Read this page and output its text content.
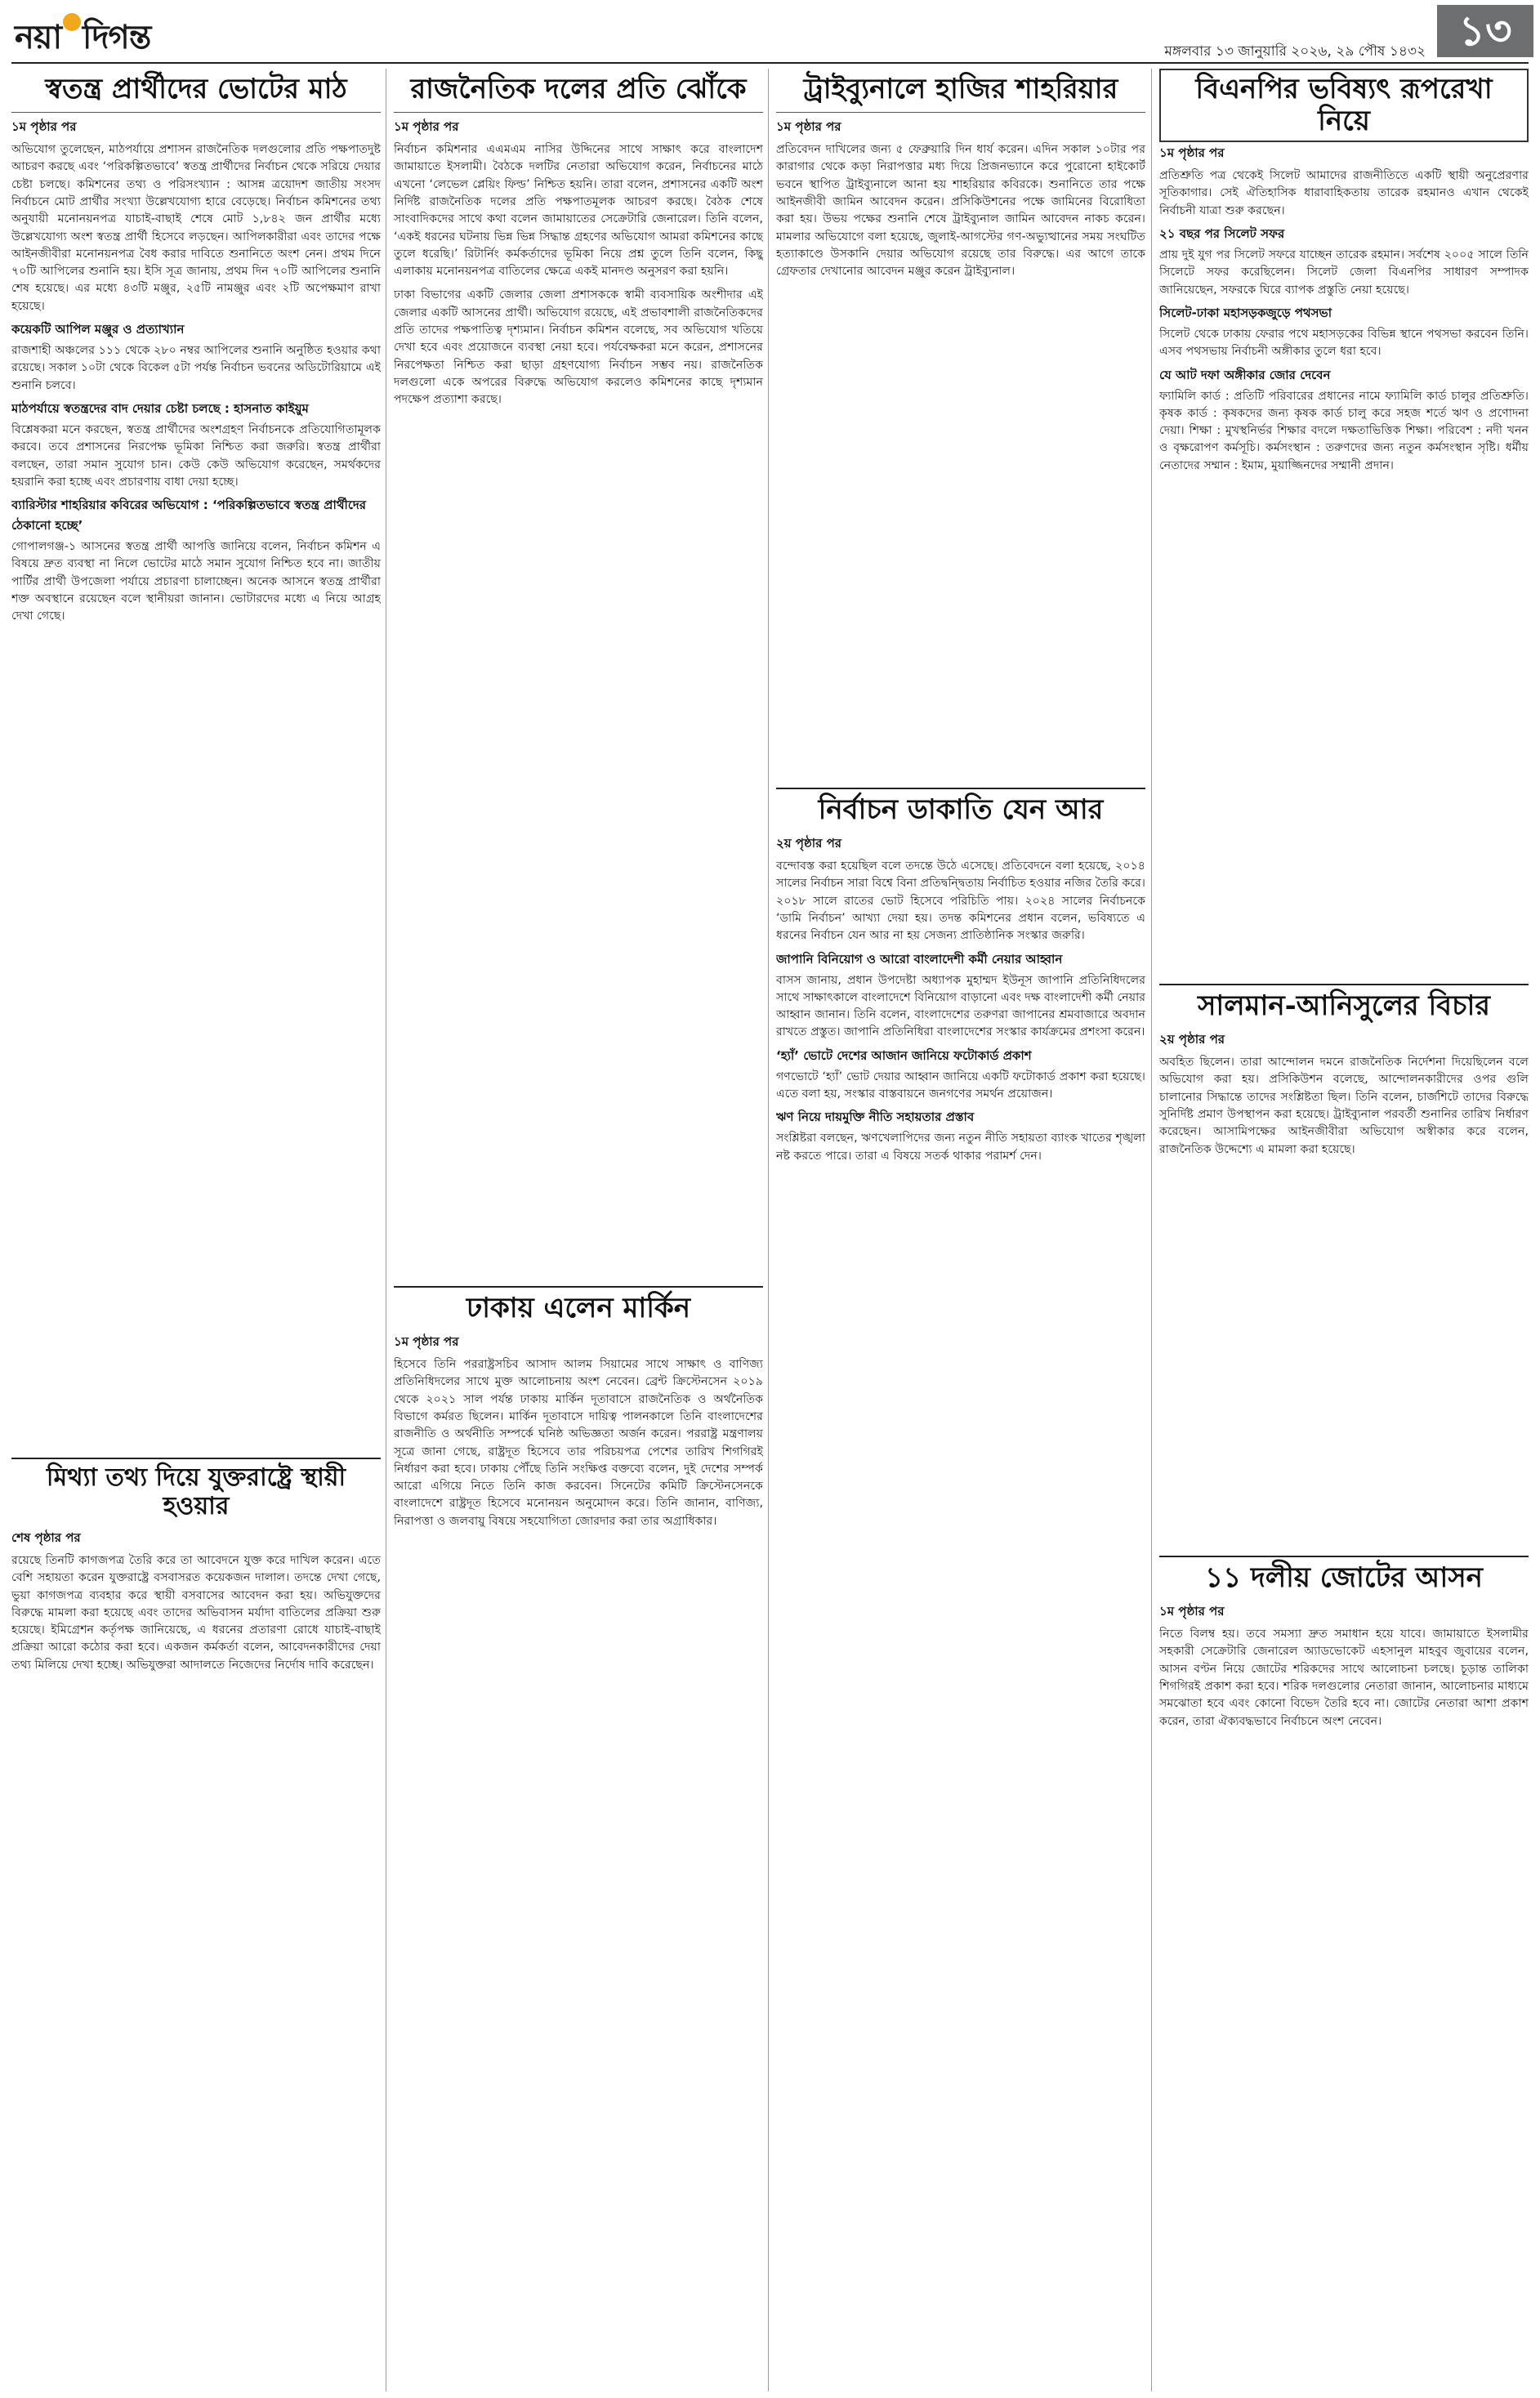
নয়া দিগন্ত	মঙ্গলবার ১৩ জানুয়ারি ২০২৬, ২৯ পৌষ ১৪৩২ ১৩
স্বতন্ত্র প্রার্থীদের ভোটের মাঠ

১ম পৃষ্ঠার পর

অভিযোগ তুলেছেন, মাঠপর্যায়ে প্রশাসন রাজনৈতিক দলগুলোর প্রতি পক্ষপাতদুষ্ট আচরণ করছে এবং ‘পরিকল্পিতভাবে’ স্বতন্ত্র প্রার্থীদের নির্বাচন থেকে সরিয়ে দেয়ার চেষ্টা চলছে। কমিশনের তথ্য ও পরিসংখ্যান : আসন্ন ত্রয়োদশ জাতীয় সংসদ নির্বাচনে মোট প্রার্থীর সংখ্যা উল্লেখযোগ্য হারে বেড়েছে। নির্বাচন কমিশনের তথ্য অনুযায়ী মনোনয়নপত্র যাচাই-বাছাই শেষে মোট ১,৮৪২ জন প্রার্থীর মধ্যে উল্লেখযোগ্য অংশ স্বতন্ত্র প্রার্থী হিসেবে লড়ছেন। আপিলকারীরা এবং তাদের পক্ষে আইনজীবীরা মনোনয়নপত্র বৈধ করার দাবিতে শুনানিতে অংশ নেন। প্রথম দিনে ৭০টি আপিলের শুনানি হয়। ইসি সূত্র জানায়, প্রথম দিন ৭০টি আপিলের শুনানি শেষ হয়েছে। এর মধ্যে ৪৩টি মঞ্জুর, ২৫টি নামঞ্জুর এবং ২টি অপেক্ষমাণ রাখা হয়েছে।

কয়েকটি আপিল মঞ্জুর ও প্রত্যাখ্যান

রাজশাহী অঞ্চলের ১১১ থেকে ২৮০ নম্বর আপিলের শুনানি অনুষ্ঠিত হওয়ার কথা রয়েছে। সকাল ১০টা থেকে বিকেল ৫টা পর্যন্ত নির্বাচন ভবনের অডিটোরিয়ামে এই শুনানি চলবে।

মাঠপর্যায়ে স্বতন্ত্রদের বাদ দেয়ার চেষ্টা চলছে : হাসনাত কাইয়ুম

বিশ্লেষকরা মনে করছেন, স্বতন্ত্র প্রার্থীদের অংশগ্রহণ নির্বাচনকে প্রতিযোগিতামূলক করবে। তবে প্রশাসনের নিরপেক্ষ ভূমিকা নিশ্চিত করা জরুরি। স্বতন্ত্র প্রার্থীরা বলছেন, তারা সমান সুযোগ চান। কেউ কেউ অভিযোগ করেছেন, সমর্থকদের হয়রানি করা হচ্ছে এবং প্রচারণায় বাধা দেয়া হচ্ছে।

ব্যারিস্টার শাহরিয়ার কবিরের অভিযোগ : ‘পরিকল্পিতভাবে স্বতন্ত্র প্রার্থীদের ঠেকানো হচ্ছে’

গোপালগঞ্জ-১ আসনের স্বতন্ত্র প্রার্থী আপত্তি জানিয়ে বলেন, নির্বাচন কমিশন এ বিষয়ে দ্রুত ব্যবস্থা না নিলে ভোটের মাঠে সমান সুযোগ নিশ্চিত হবে না। জাতীয় পার্টির প্রার্থী উপজেলা পর্যায়ে প্রচারণা চালাচ্ছেন। অনেক আসনে স্বতন্ত্র প্রার্থীরা শক্ত অবস্থানে রয়েছেন বলে স্থানীয়রা জানান। ভোটারদের মধ্যে এ নিয়ে আগ্রহ দেখা গেছে।

মিথ্যা তথ্য দিয়ে যুক্তরাষ্ট্রে স্থায়ী হওয়ার

শেষ পৃষ্ঠার পর

রয়েছে তিনটি কাগজপত্র তৈরি করে তা আবেদনে যুক্ত করে দাখিল করেন। এতে বেশি সহায়তা করেন যুক্তরাষ্ট্রে বসবাসরত কয়েকজন দালাল। তদন্তে দেখা গেছে, ভুয়া কাগজপত্র ব্যবহার করে স্থায়ী বসবাসের আবেদন করা হয়। অভিযুক্তদের বিরুদ্ধে মামলা করা হয়েছে এবং তাদের অভিবাসন মর্যাদা বাতিলের প্রক্রিয়া শুরু হয়েছে। ইমিগ্রেশন কর্তৃপক্ষ জানিয়েছে, এ ধরনের প্রতারণা রোধে যাচাই-বাছাই প্রক্রিয়া আরো কঠোর করা হবে। একজন কর্মকর্তা বলেন, আবেদনকারীদের দেয়া তথ্য মিলিয়ে দেখা হচ্ছে। অভিযুক্তরা আদালতে নিজেদের নির্দোষ দাবি করেছেন।

রাজনৈতিক দলের প্রতি ঝোঁকে

১ম পৃষ্ঠার পর

নির্বাচন কমিশনার এএমএম নাসির উদ্দিনের সাথে সাক্ষাৎ করে বাংলাদেশ জামায়াতে ইসলামী। বৈঠকে দলটির নেতারা অভিযোগ করেন, নির্বাচনের মাঠে এখনো ‘লেভেল প্লেয়িং ফিল্ড’ নিশ্চিত হয়নি। তারা বলেন, প্রশাসনের একটি অংশ নির্দিষ্ট রাজনৈতিক দলের প্রতি পক্ষপাতমূলক আচরণ করছে। বৈঠক শেষে সাংবাদিকদের সাথে কথা বলেন জামায়াতের সেক্রেটারি জেনারেল। তিনি বলেন, ‘একই ধরনের ঘটনায় ভিন্ন ভিন্ন সিদ্ধান্ত গ্রহণের অভিযোগ আমরা কমিশনের কাছে তুলে ধরেছি।’ রিটার্নিং কর্মকর্তাদের ভূমিকা নিয়ে প্রশ্ন তুলে তিনি বলেন, কিছু এলাকায় মনোনয়নপত্র বাতিলের ক্ষেত্রে একই মানদণ্ড অনুসরণ করা হয়নি।

ঢাকা বিভাগের একটি জেলার জেলা প্রশাসককে স্বামী ব্যবসায়িক অংশীদার এই জেলার একটি আসনের প্রার্থী। অভিযোগ রয়েছে, এই প্রভাবশালী রাজনৈতিকদের প্রতি তাদের পক্ষপাতিত্ব দৃশ্যমান। নির্বাচন কমিশন বলেছে, সব অভিযোগ খতিয়ে দেখা হবে এবং প্রয়োজনে ব্যবস্থা নেয়া হবে। পর্যবেক্ষকরা মনে করেন, প্রশাসনের নিরপেক্ষতা নিশ্চিত করা ছাড়া গ্রহণযোগ্য নির্বাচন সম্ভব নয়। রাজনৈতিক দলগুলো একে অপরের বিরুদ্ধে অভিযোগ করলেও কমিশনের কাছে দৃশ্যমান পদক্ষেপ প্রত্যাশা করছে।

ঢাকায় এলেন মার্কিন

১ম পৃষ্ঠার পর

হিসেবে তিনি পররাষ্ট্রসচিব আসাদ আলম সিয়ামের সাথে সাক্ষাৎ ও বাণিজ্য প্রতিনিধিদলের সাথে মুক্ত আলোচনায় অংশ নেবেন। ব্রেন্ট ক্রিস্টেনসেন ২০১৯ থেকে ২০২১ সাল পর্যন্ত ঢাকায় মার্কিন দূতাবাসে রাজনৈতিক ও অর্থনৈতিক বিভাগে কর্মরত ছিলেন। মার্কিন দূতাবাসে দায়িত্ব পালনকালে তিনি বাংলাদেশের রাজনীতি ও অর্থনীতি সম্পর্কে ঘনিষ্ঠ অভিজ্ঞতা অর্জন করেন। পররাষ্ট্র মন্ত্রণালয় সূত্রে জানা গেছে, রাষ্ট্রদূত হিসেবে তার পরিচয়পত্র পেশের তারিখ শিগগিরই নির্ধারণ করা হবে। ঢাকায় পৌঁছে তিনি সংক্ষিপ্ত বক্তব্যে বলেন, দুই দেশের সম্পর্ক আরো এগিয়ে নিতে তিনি কাজ করবেন। সিনেটের কমিটি ক্রিস্টেনসেনকে বাংলাদেশে রাষ্ট্রদূত হিসেবে মনোনয়ন অনুমোদন করে। তিনি জানান, বাণিজ্য, নিরাপত্তা ও জলবায়ু বিষয়ে সহযোগিতা জোরদার করা তার অগ্রাধিকার।

ট্রাইব্যুনালে হাজির শাহরিয়ার

১ম পৃষ্ঠার পর

প্রতিবেদন দাখিলের জন্য ৫ ফেব্রুয়ারি দিন ধার্য করেন। এদিন সকাল ১০টার পর কারাগার থেকে কড়া নিরাপত্তার মধ্য দিয়ে প্রিজনভ্যানে করে পুরোনো হাইকোর্ট ভবনে স্থাপিত ট্রাইব্যুনালে আনা হয় শাহরিয়ার কবিরকে। শুনানিতে তার পক্ষে আইনজীবী জামিন আবেদন করেন। প্রসিকিউশনের পক্ষে জামিনের বিরোধিতা করা হয়। উভয় পক্ষের শুনানি শেষে ট্রাইব্যুনাল জামিন আবেদন নাকচ করেন। মামলার অভিযোগে বলা হয়েছে, জুলাই-আগস্টের গণ-অভ্যুত্থানের সময় সংঘটিত হত্যাকাণ্ডে উসকানি দেয়ার অভিযোগ রয়েছে তার বিরুদ্ধে। এর আগে তাকে গ্রেফতার দেখানোর আবেদন মঞ্জুর করেন ট্রাইব্যুনাল।

নির্বাচন ডাকাতি যেন আর

২য় পৃষ্ঠার পর

বন্দোবস্ত করা হয়েছিল বলে তদন্তে উঠে এসেছে। প্রতিবেদনে বলা হয়েছে, ২০১৪ সালের নির্বাচন সারা বিশ্বে বিনা প্রতিদ্বন্দ্বিতায় নির্বাচিত হওয়ার নজির তৈরি করে। ২০১৮ সালে রাতের ভোট হিসেবে পরিচিতি পায়। ২০২৪ সালের নির্বাচনকে ‘ডামি নির্বাচন’ আখ্যা দেয়া হয়। তদন্ত কমিশনের প্রধান বলেন, ভবিষ্যতে এ ধরনের নির্বাচন যেন আর না হয় সেজন্য প্রাতিষ্ঠানিক সংস্কার জরুরি।

জাপানি বিনিয়োগ ও আরো বাংলাদেশী কর্মী নেয়ার আহ্বান

বাসস জানায়, প্রধান উপদেষ্টা অধ্যাপক মুহাম্মদ ইউনূস জাপানি প্রতিনিধিদলের সাথে সাক্ষাৎকালে বাংলাদেশে বিনিয়োগ বাড়ানো এবং দক্ষ বাংলাদেশী কর্মী নেয়ার আহ্বান জানান। তিনি বলেন, বাংলাদেশের তরুণরা জাপানের শ্রমবাজারে অবদান রাখতে প্রস্তুত। জাপানি প্রতিনিধিরা বাংলাদেশের সংস্কার কার্যক্রমের প্রশংসা করেন।

‘হ্যাঁ’ ভোটে দেশের আজান জানিয়ে ফটোকার্ড প্রকাশ

গণভোটে ‘হ্যাঁ’ ভোট দেয়ার আহ্বান জানিয়ে একটি ফটোকার্ড প্রকাশ করা হয়েছে। এতে বলা হয়, সংস্কার বাস্তবায়নে জনগণের সমর্থন প্রয়োজন।

ঋণ নিয়ে দায়মুক্তি নীতি সহায়তার প্রস্তাব

সংশ্লিষ্টরা বলছেন, ঋণখেলাপিদের জন্য নতুন নীতি সহায়তা ব্যাংক খাতের শৃঙ্খলা নষ্ট করতে পারে। তারা এ বিষয়ে সতর্ক থাকার পরামর্শ দেন।

বিএনপির ভবিষ্যৎ রূপরেখা নিয়ে

১ম পৃষ্ঠার পর

প্রতিশ্রুতি পত্র থেকেই সিলেট আমাদের রাজনীতিতে একটি স্থায়ী অনুপ্রেরণার সূতিকাগার। সেই ঐতিহাসিক ধারাবাহিকতায় তারেক রহমানও এখান থেকেই নির্বাচনী যাত্রা শুরু করছেন।

২১ বছর পর সিলেট সফর

প্রায় দুই যুগ পর সিলেট সফরে যাচ্ছেন তারেক রহমান। সর্বশেষ ২০০৫ সালে তিনি সিলেটে সফর করেছিলেন। সিলেট জেলা বিএনপির সাধারণ সম্পাদক জানিয়েছেন, সফরকে ঘিরে ব্যাপক প্রস্তুতি নেয়া হয়েছে।

সিলেট-ঢাকা মহাসড়কজুড়ে পথসভা

সিলেট থেকে ঢাকায় ফেরার পথে মহাসড়কের বিভিন্ন স্থানে পথসভা করবেন তিনি। এসব পথসভায় নির্বাচনী অঙ্গীকার তুলে ধরা হবে।

যে আট দফা অঙ্গীকার জোর দেবেন

ফ্যামিলি কার্ড : প্রতিটি পরিবারের প্রধানের নামে ফ্যামিলি কার্ড চালুর প্রতিশ্রুতি। কৃষক কার্ড : কৃষকদের জন্য কৃষক কার্ড চালু করে সহজ শর্তে ঋণ ও প্রণোদনা দেয়া। শিক্ষা : মুখস্থনির্ভর শিক্ষার বদলে দক্ষতাভিত্তিক শিক্ষা। পরিবেশ : নদী খনন ও বৃক্ষরোপণ কর্মসূচি। কর্মসংস্থান : তরুণদের জন্য নতুন কর্মসংস্থান সৃষ্টি। ধর্মীয় নেতাদের সম্মান : ইমাম, মুয়াজ্জিনদের সম্মানী প্রদান।

সালমান-আনিসুলের বিচার

২য় পৃষ্ঠার পর

অবহিত ছিলেন। তারা আন্দোলন দমনে রাজনৈতিক নির্দেশনা দিয়েছিলেন বলে অভিযোগ করা হয়। প্রসিকিউশন বলেছে, আন্দোলনকারীদের ওপর গুলি চালানোর সিদ্ধান্তে তাদের সংশ্লিষ্টতা ছিল। তিনি বলেন, চার্জশিটে তাদের বিরুদ্ধে সুনির্দিষ্ট প্রমাণ উপস্থাপন করা হয়েছে। ট্রাইব্যুনাল পরবর্তী শুনানির তারিখ নির্ধারণ করেছেন। আসামিপক্ষের আইনজীবীরা অভিযোগ অস্বীকার করে বলেন, রাজনৈতিক উদ্দেশ্যে এ মামলা করা হয়েছে।

১১ দলীয় জোটের আসন

১ম পৃষ্ঠার পর

নিতে বিলম্ব হয়। তবে সমস্যা দ্রুত সমাধান হয়ে যাবে। জামায়াতে ইসলামীর সহকারী সেক্রেটারি জেনারেল অ্যাডভোকেট এহসানুল মাহবুব জুবায়ের বলেন, আসন বণ্টন নিয়ে জোটের শরিকদের সাথে আলোচনা চলছে। চূড়ান্ত তালিকা শিগগিরই প্রকাশ করা হবে। শরিক দলগুলোর নেতারা জানান, আলোচনার মাধ্যমে সমঝোতা হবে এবং কোনো বিভেদ তৈরি হবে না। জোটের নেতারা আশা প্রকাশ করেন, তারা ঐক্যবদ্ধভাবে নির্বাচনে অংশ নেবেন।
